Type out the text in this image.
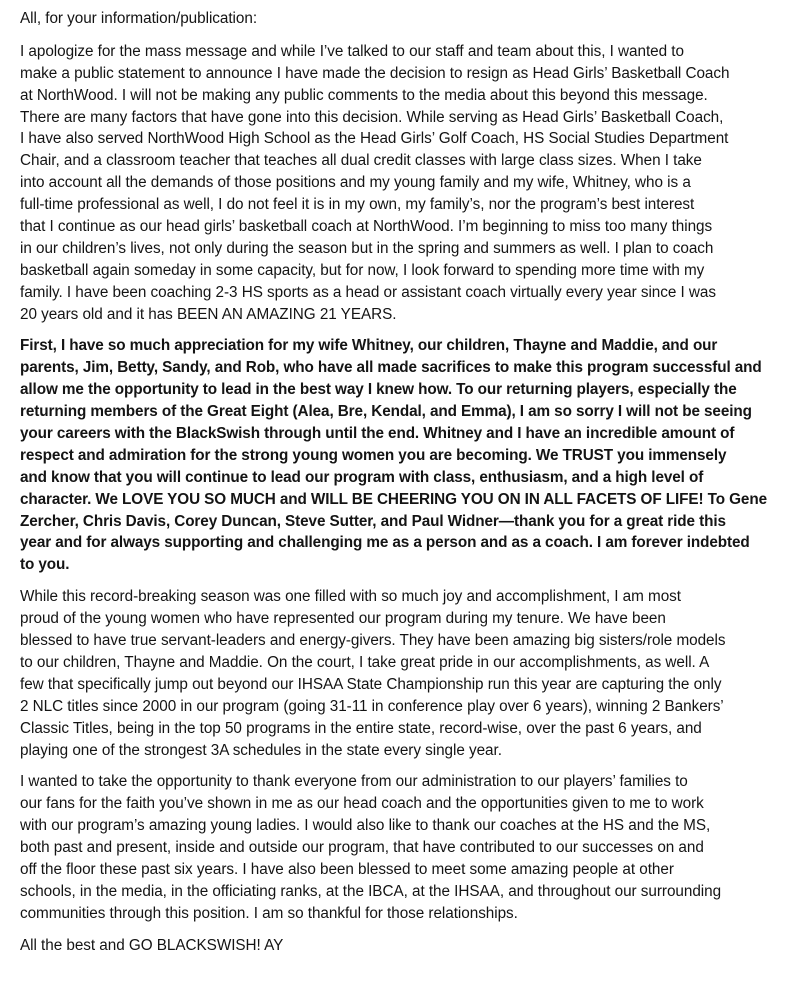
All, for your information/publication:
I apologize for the mass message and while I’ve talked to our staff and team about this, I wanted to
make a public statement to announce I have made the decision to resign as Head Girls’ Basketball Coach
at NorthWood. I will not be making any public comments to the media about this beyond this message.
There are many factors that have gone into this decision. While serving as Head Girls’ Basketball Coach,
I have also served NorthWood High School as the Head Girls’ Golf Coach, HS Social Studies Department
Chair, and a classroom teacher that teaches all dual credit classes with large class sizes. When I take
into account all the demands of those positions and my young family and my wife, Whitney, who is a
full-time professional as well, I do not feel it is in my own, my family’s, nor the program’s best interest
that I continue as our head girls’ basketball coach at NorthWood. I’m beginning to miss too many things
in our children’s lives, not only during the season but in the spring and summers as well. I plan to coach
basketball again someday in some capacity, but for now, I look forward to spending more time with my
family. I have been coaching 2-3 HS sports as a head or assistant coach virtually every year since I was
20 years old and it has BEEN AN AMAZING 21 YEARS.
First, I have so much appreciation for my wife Whitney, our children, Thayne and Maddie, and our
parents, Jim, Betty, Sandy, and Rob, who have all made sacrifices to make this program successful and
allow me the opportunity to lead in the best way I knew how. To our returning players, especially the
returning members of the Great Eight (Alea, Bre, Kendal, and Emma), I am so sorry I will not be seeing
your careers with the BlackSwish through until the end. Whitney and I have an incredible amount of
respect and admiration for the strong young women you are becoming. We TRUST you immensely
and know that you will continue to lead our program with class, enthusiasm, and a high level of
character. We LOVE YOU SO MUCH and WILL BE CHEERING YOU ON IN ALL FACETS OF LIFE! To Gene
Zercher, Chris Davis, Corey Duncan, Steve Sutter, and Paul Widner—thank you for a great ride this
year and for always supporting and challenging me as a person and as a coach. I am forever indebted
to you.
While this record-breaking season was one filled with so much joy and accomplishment, I am most
proud of the young women who have represented our program during my tenure. We have been
blessed to have true servant-leaders and energy-givers. They have been amazing big sisters/role models
to our children, Thayne and Maddie. On the court, I take great pride in our accomplishments, as well. A
few that specifically jump out beyond our IHSAA State Championship run this year are capturing the only
2 NLC titles since 2000 in our program (going 31-11 in conference play over 6 years), winning 2 Bankers’
Classic Titles, being in the top 50 programs in the entire state, record-wise, over the past 6 years, and
playing one of the strongest 3A schedules in the state every single year.
I wanted to take the opportunity to thank everyone from our administration to our players’ families to
our fans for the faith you’ve shown in me as our head coach and the opportunities given to me to work
with our program’s amazing young ladies. I would also like to thank our coaches at the HS and the MS,
both past and present, inside and outside our program, that have contributed to our successes on and
off the floor these past six years. I have also been blessed to meet some amazing people at other
schools, in the media, in the officiating ranks, at the IBCA, at the IHSAA, and throughout our surrounding
communities through this position. I am so thankful for those relationships.
All the best and GO BLACKSWISH! AY
